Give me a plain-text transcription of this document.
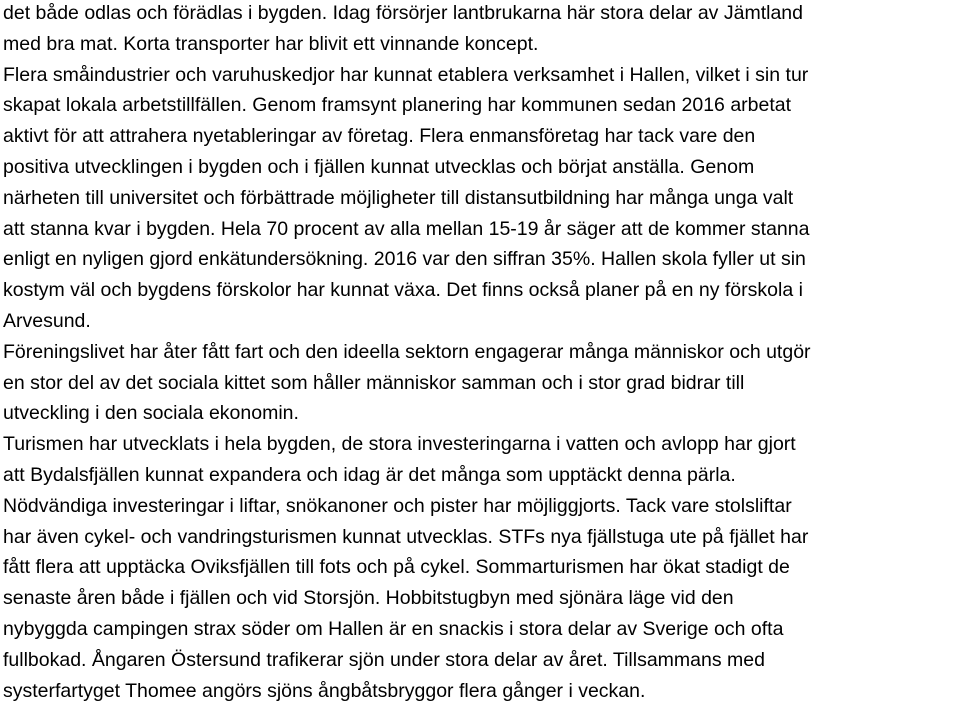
det både odlas och förädlas i bygden. Idag försörjer lantbrukarna här stora delar av Jämtland
med bra mat. Korta transporter har blivit ett vinnande koncept.
Flera småindustrier och varuhuskedjor har kunnat etablera verksamhet i Hallen, vilket i sin tur
skapat lokala arbetstillfällen. Genom framsynt planering har kommunen sedan 2016 arbetat
aktivt för att attrahera nyetableringar av företag. Flera enmansföretag har tack vare den
positiva utvecklingen i bygden och i fjällen kunnat utvecklas och börjat anställa. Genom
närheten till universitet och förbättrade möjligheter till distansutbildning har många unga valt
att stanna kvar i bygden. Hela 70 procent av alla mellan 15-19 år säger att de kommer stanna
enligt en nyligen gjord enkätundersökning. 2016 var den siffran 35%. Hallen skola fyller ut sin
kostym väl och bygdens förskolor har kunnat växa. Det finns också planer på en ny förskola i
Arvesund.
Föreningslivet har åter fått fart och den ideella sektorn engagerar många människor och utgör
en stor del av det sociala kittet som håller människor samman och i stor grad bidrar till
utveckling i den sociala ekonomin.
Turismen har utvecklats i hela bygden, de stora investeringarna i vatten och avlopp har gjort
att Bydalsfjällen kunnat expandera och idag är det många som upptäckt denna pärla.
Nödvändiga investeringar i liftar, snökanoner och pister har möjliggjorts. Tack vare stolsliftar
har även cykel- och vandringsturismen kunnat utvecklas. STFs nya fjällstuga ute på fjället har
fått flera att upptäcka Oviksfjällen till fots och på cykel. Sommarturismen har ökat stadigt de
senaste åren både i fjällen och vid Storsjön. Hobbitstugbyn med sjönära läge vid den
nybyggda campingen strax söder om Hallen är en snackis i stora delar av Sverige och ofta
fullbokad. Ångaren Östersund trafikerar sjön under stora delar av året. Tillsammans med
systerfartyget Thomee angörs sjöns ångbåtsbryggor flera gånger i veckan.
